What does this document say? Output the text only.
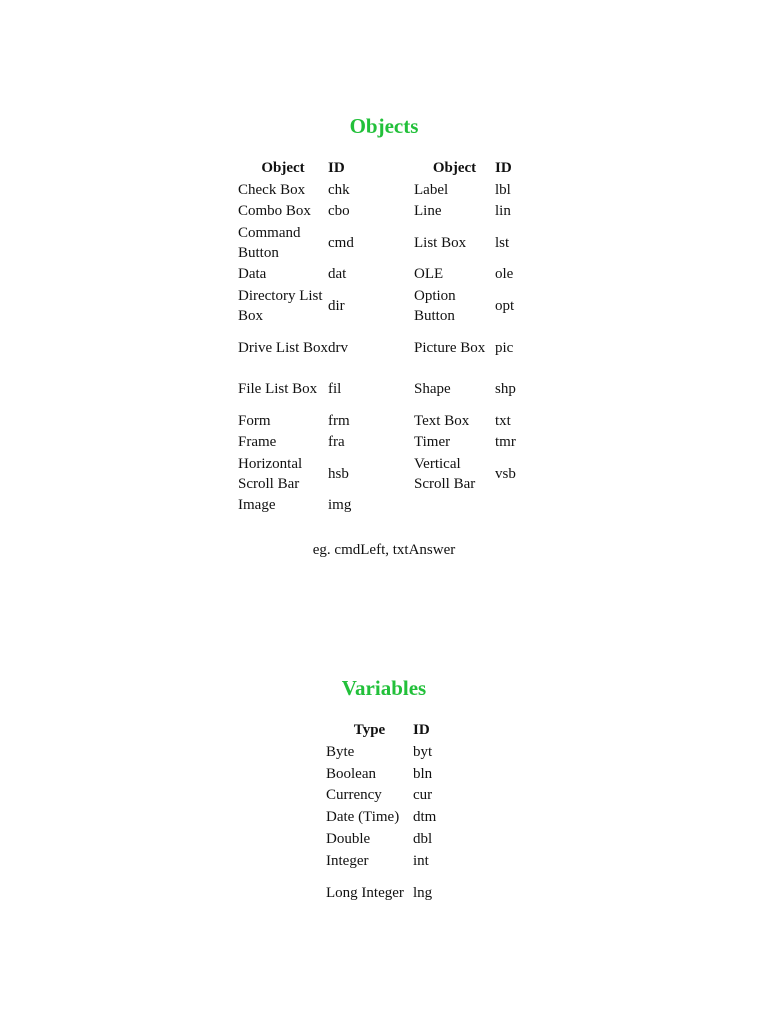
Objects
Object	ID	Object	ID
Check Box	chk	Label	lbl
Combo Box	cbo	Line	lin
Command Button	cmd	List Box	lst
Data	dat	OLE	ole
Directory List Box	dir	Option Button	opt
Drive List Box	drv	Picture Box	pic
File List Box	fil	Shape	shp
Form	frm	Text Box	txt
Frame	fra	Timer	tmr
Horizontal Scroll Bar	hsb	Vertical Scroll Bar	vsb
Image	img		
eg. cmdLeft, txtAnswer
Variables
Type	ID
Byte	byt
Boolean	bln
Currency	cur
Date (Time)	dtm
Double	dbl
Integer	int
Long Integer	lng
